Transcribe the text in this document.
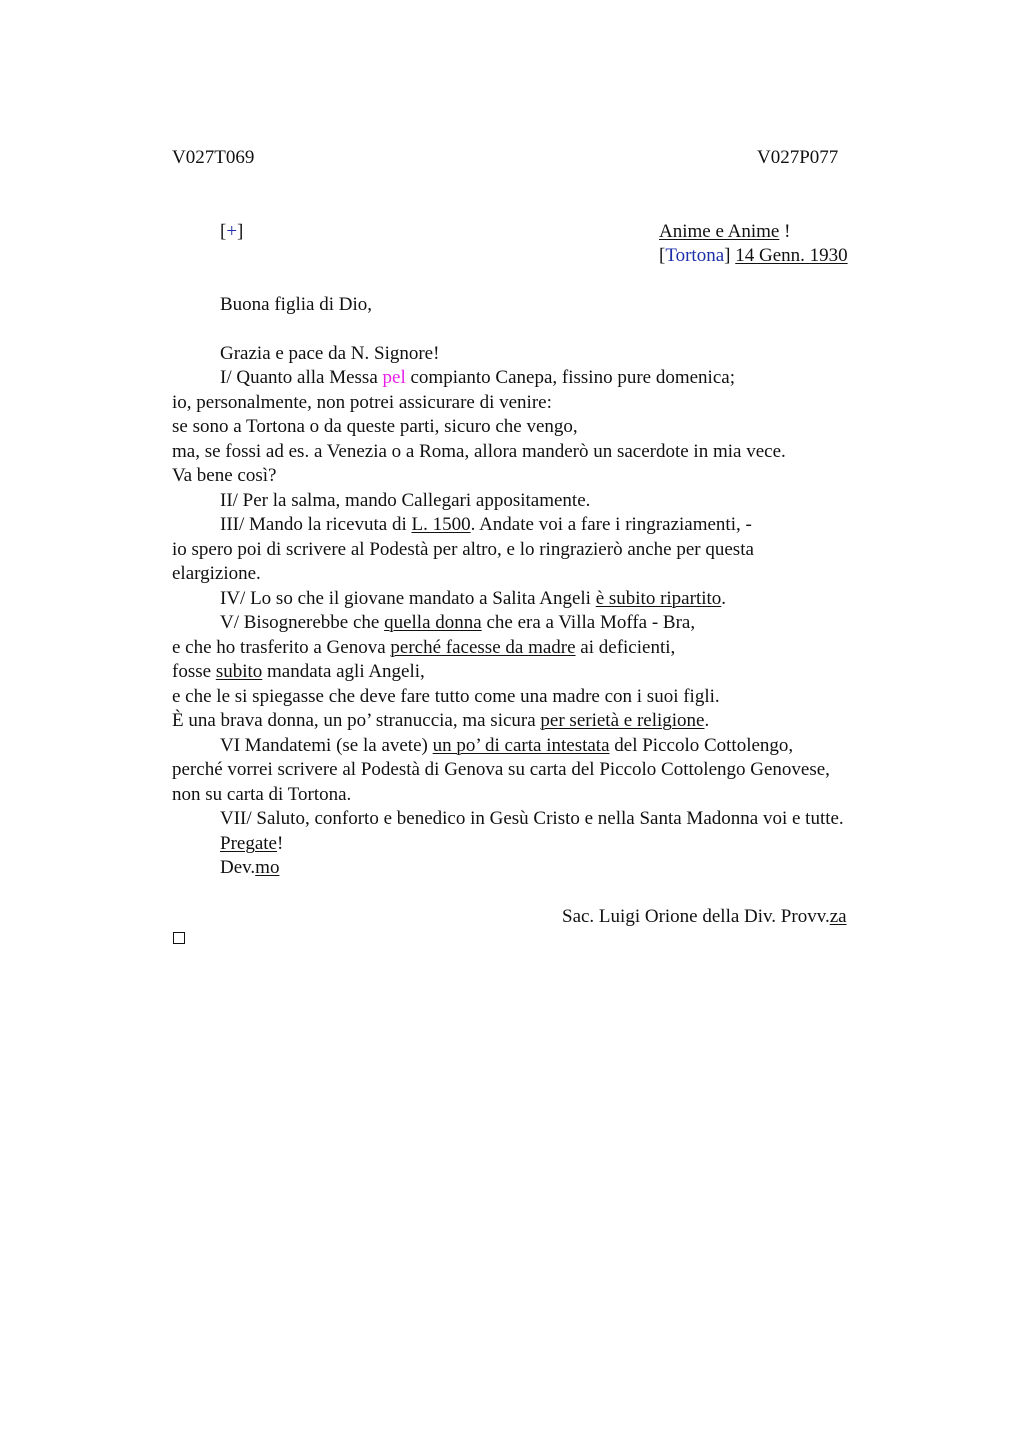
V027T069	V027P077
[+]	Anime e Anime !
[Tortona] 14 Genn. 1930
Buona figlia di Dio,
Grazia e pace da N. Signore!
I/ Quanto alla Messa pel compianto Canepa, fissino pure domenica;
io, personalmente, non potrei assicurare di venire:
se sono a Tortona o da queste parti, sicuro che vengo,
ma, se fossi ad es. a Venezia o a Roma, allora manderò un sacerdote in mia vece.
Va bene così?
II/ Per la salma, mando Callegari appositamente.
III/ Mando la ricevuta di L. 1500. Andate voi a fare i ringraziamenti, -
io spero poi di scrivere al Podestà per altro, e lo ringrazierò anche per questa
elargizione.
IV/ Lo so che il giovane mandato a Salita Angeli è subito ripartito.
V/ Bisognerebbe che quella donna che era a Villa Moffa - Bra,
e che ho trasferito a Genova perché facesse da madre ai deficienti,
fosse subito mandata agli Angeli,
e che le si spiegasse che deve fare tutto come una madre con i suoi figli.
È una brava donna, un po’ stranuccia, ma sicura per serietà e religione.
VI Mandatemi (se la avete) un po’ di carta intestata del Piccolo Cottolengo,
perché vorrei scrivere al Podestà di Genova su carta del Piccolo Cottolengo Genovese,
non su carta di Tortona.
VII/ Saluto, conforto e benedico in Gesù Cristo e nella Santa Madonna voi e tutte.
Pregate!
Dev.mo
Sac. Luigi Orione della Div. Provv.za
